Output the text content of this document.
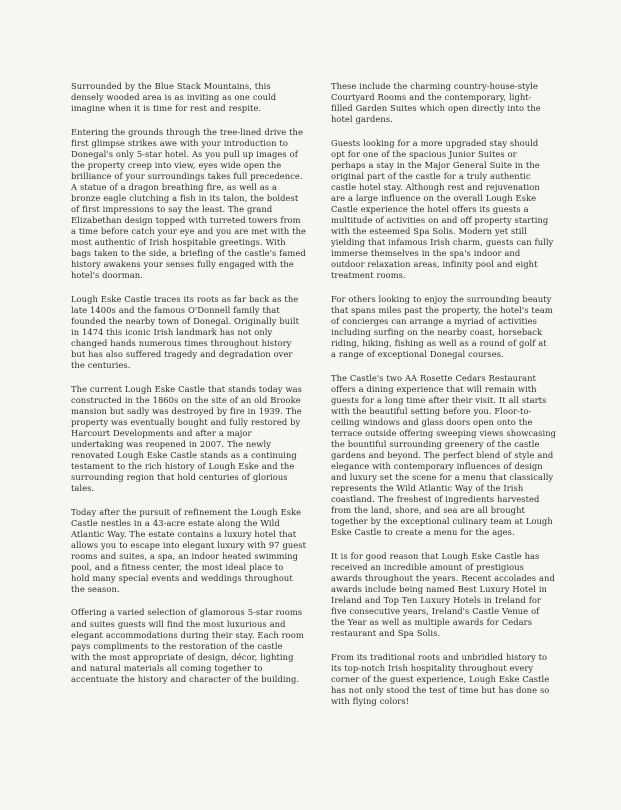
Surrounded by the Blue Stack Mountains, this
densely wooded area is as inviting as one could
imagine when it is time for rest and respite.

Entering the grounds through the tree-lined drive the
first glimpse strikes awe with your introduction to
Donegal's only 5-star hotel. As you pull up images of
the property creep into view, eyes wide open the
brilliance of your surroundings takes full precedence.
A statue of a dragon breathing fire, as well as a
bronze eagle clutching a fish in its talon, the boldest
of first impressions to say the least. The grand
Elizabethan design topped with turreted towers from
a time before catch your eye and you are met with the
most authentic of Irish hospitable greetings. With
bags taken to the side, a briefing of the castle's famed
history awakens your senses fully engaged with the
hotel's doorman.

Lough Eske Castle traces its roots as far back as the
late 1400s and the famous O'Donnell family that
founded the nearby town of Donegal. Originally built
in 1474 this iconic Irish landmark has not only
changed hands numerous times throughout history
but has also suffered tragedy and degradation over
the centuries.

The current Lough Eske Castle that stands today was
constructed in the 1860s on the site of an old Brooke
mansion but sadly was destroyed by fire in 1939. The
property was eventually bought and fully restored by
Harcourt Developments and after a major
undertaking was reopened in 2007. The newly
renovated Lough Eske Castle stands as a continuing
testament to the rich history of Lough Eske and the
surrounding region that hold centuries of glorious
tales.

Today after the pursuit of refinement the Lough Eske
Castle nestles in a 43-acre estate along the Wild
Atlantic Way. The estate contains a luxury hotel that
allows you to escape into elegant luxury with 97 guest
rooms and suites, a spa, an indoor heated swimming
pool, and a fitness center, the most ideal place to
hold many special events and weddings throughout
the season.

Offering a varied selection of glamorous 5-star rooms
and suites guests will find the most luxurious and
elegant accommodations during their stay. Each room
pays compliments to the restoration of the castle
with the most appropriate of design, décor, lighting
and natural materials all coming together to
accentuate the history and character of the building.

These include the charming country-house-style
Courtyard Rooms and the contemporary, light-
filled Garden Suites which open directly into the
hotel gardens.

Guests looking for a more upgraded stay should
opt for one of the spacious Junior Suites or
perhaps a stay in the Major General Suite in the
original part of the castle for a truly authentic
castle hotel stay. Although rest and rejuvenation
are a large influence on the overall Lough Eske
Castle experience the hotel offers its guests a
multitude of activities on and off property starting
with the esteemed Spa Solis. Modern yet still
yielding that infamous Irish charm, guests can fully
immerse themselves in the spa's indoor and
outdoor relaxation areas, infinity pool and eight
treatment rooms.

For others looking to enjoy the surrounding beauty
that spans miles past the property, the hotel's team
of concierges can arrange a myriad of activities
including surfing on the nearby coast, horseback
riding, hiking, fishing as well as a round of golf at
a range of exceptional Donegal courses.

The Castle's two AA Rosette Cedars Restaurant
offers a dining experience that will remain with
guests for a long time after their visit. It all starts
with the beautiful setting before you. Floor-to-
ceiling windows and glass doors open onto the
terrace outside offering sweeping views showcasing
the bountiful surrounding greenery of the castle
gardens and beyond. The perfect blend of style and
elegance with contemporary influences of design
and luxury set the scene for a menu that classically
represents the Wild Atlantic Way of the Irish
coastland. The freshest of ingredients harvested
from the land, shore, and sea are all brought
together by the exceptional culinary team at Lough
Eske Castle to create a menu for the ages.

It is for good reason that Lough Eske Castle has
received an incredible amount of prestigious
awards throughout the years. Recent accolades and
awards include being named Best Luxury Hotel in
Ireland and Top Ten Luxury Hotels in Ireland for
five consecutive years, Ireland's Castle Venue of
the Year as well as multiple awards for Cedars
restaurant and Spa Solis.

From its traditional roots and unbridled history to
its top-notch Irish hospitality throughout every
corner of the guest experience, Lough Eske Castle
has not only stood the test of time but has done so
with flying colors!
